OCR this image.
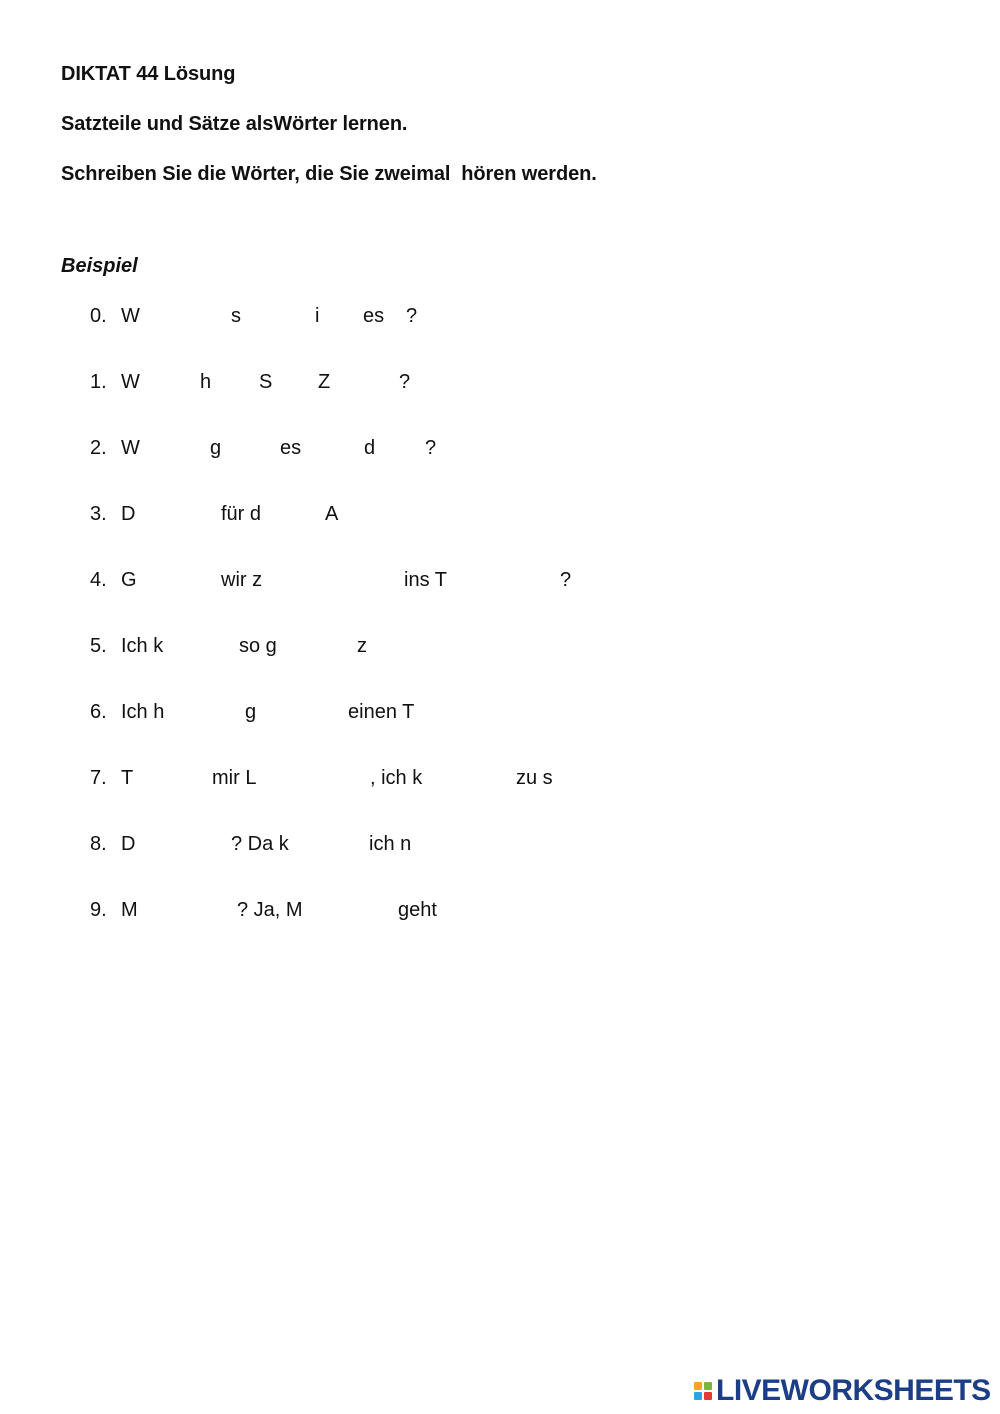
DIKTAT 44 Lösung
Satzteile und Sätze alsWörter lernen.
Schreiben Sie die Wörter, die Sie zweimal  hören werden.
Beispiel
0. W	s	i es ?
1. W	h S Z	?
2. W	g	es	d ?
3. D	für d	A
4. G	wir z	ins T	?
5. Ich k	so g	z
6. Ich h	g	einen T
7. T	mir L	, ich k	zu s
8. D	? Da k	ich n
9. M	? Ja, M	geht
LIVEWORKSHEETS
